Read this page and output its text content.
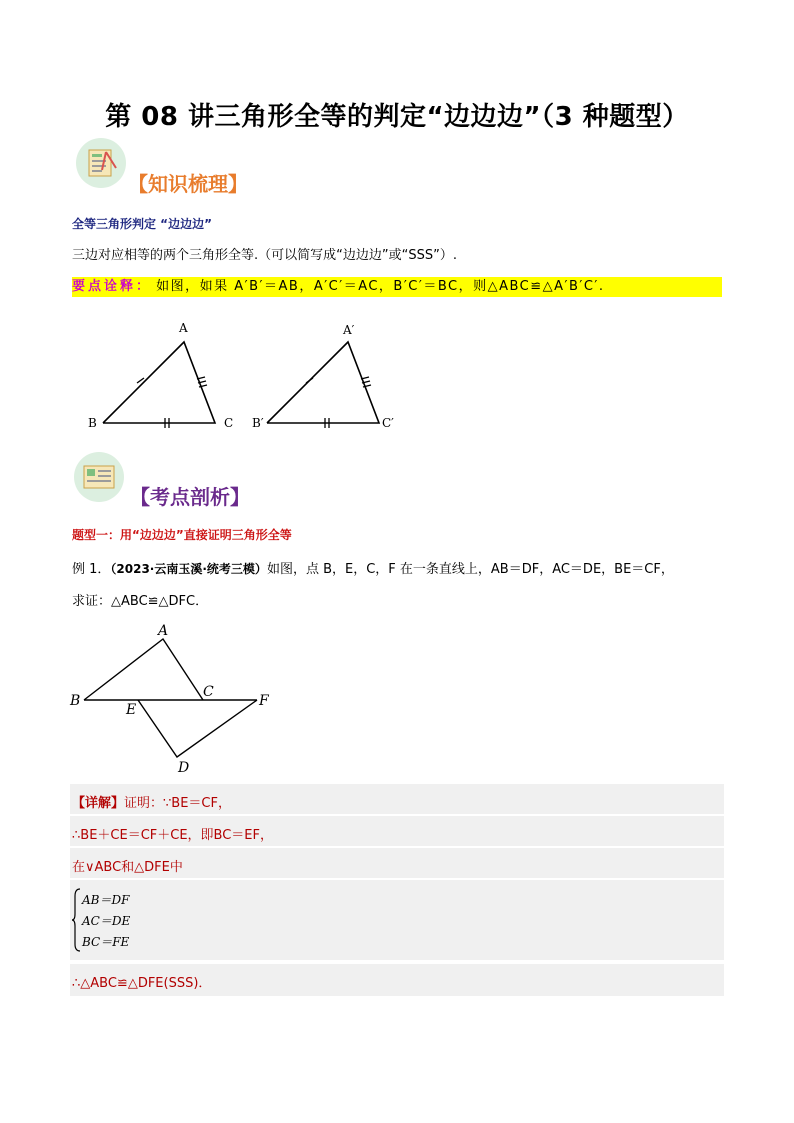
第 08 讲三角形全等的判定“边边边”（3 种题型）
【知识梳理】
全等三角形判定 “边边边”
三边对应相等的两个三角形全等.（可以简写成“边边边”或“SSS”）.
要点诠释： 如图，如果 A′B′＝AB，A′C′＝AC，B′C′＝BC，则△ABC≌△A′B′C′.
A
B	C
A′
B′	C′
【考点剖析】
题型一：用“边边边”直接证明三角形全等
例 1．（2023·云南玉溪·统考三模）如图，点 B，E，C，F 在一条直线上，AB＝DF，AC＝DE，BE＝CF，
求证：△ABC≌△DFC．
A
B
C
E
F
D
【详解】证明：∵BE＝CF，
∴BE＋CE＝CF＋CE，即BC＝EF，
在∨ABC和△DFE中
AB＝DF
AC＝DE
BC＝FE
∴△ABC≌△DFE(SSS)．
